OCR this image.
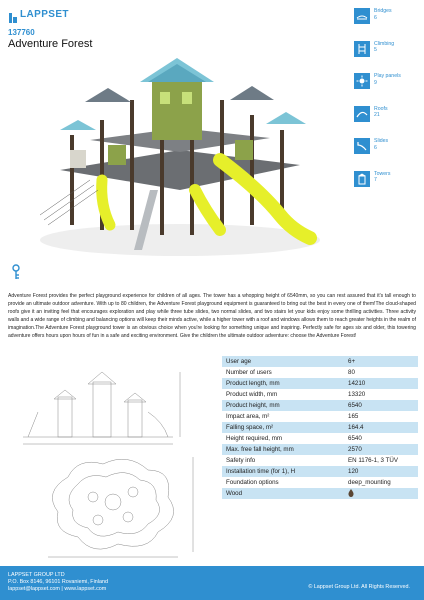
LAPPSET
137760
Adventure Forest
Bridges
6
Climbing
5
Play panels
9
Roofs
21
Slides
6
Towers
7

Adventure Forest provides the perfect playground experience for children of all ages. The tower has a whopping height of 6540mm, so you can rest assured that it's tall enough to provide an ultimate outdoor adventure. With up to 80 children, the Adventure Forest playground equipment is guaranteed to bring out the best in every one of them!The cloud-shaped roofs give it an inviting feel that encourages exploration and play while three tube slides, two normal slides, and two stairs let your kids enjoy some thrilling activities. Three activity walls and a wide range of climbing and balancing options will keep their minds active, while a higher tower with a roof and windows allows them to reach greater heights in the realm of imagination.The Adventure Forest playground tower is an obvious choice when you're looking for something unique and inspiring. Perfectly safe for ages six and older, this towering adventure offers hours upon hours of fun in a safe and exciting environment. Give the children the ultimate outdoor adventure: choose the Adventure Forest!

User age	6+
Number of users	80
Product length, mm	14210
Product width, mm	13320
Product height, mm	6540
Impact area, m²	165
Falling space, m²	164.4
Height required, mm	6540
Max. free fall height, mm	2570
Safety info	EN 1176-1, 3 TÜV
Installation time (for 1), H	120
Foundation options	deep_mounting
Wood	
LAPPSET GROUP LTD
P.O. Box 8146, 96101 Rovaniemi, Finland
lappset@lappset.com | www.lappset.com	© Lappset Group Ltd. All Rights Reserved.
